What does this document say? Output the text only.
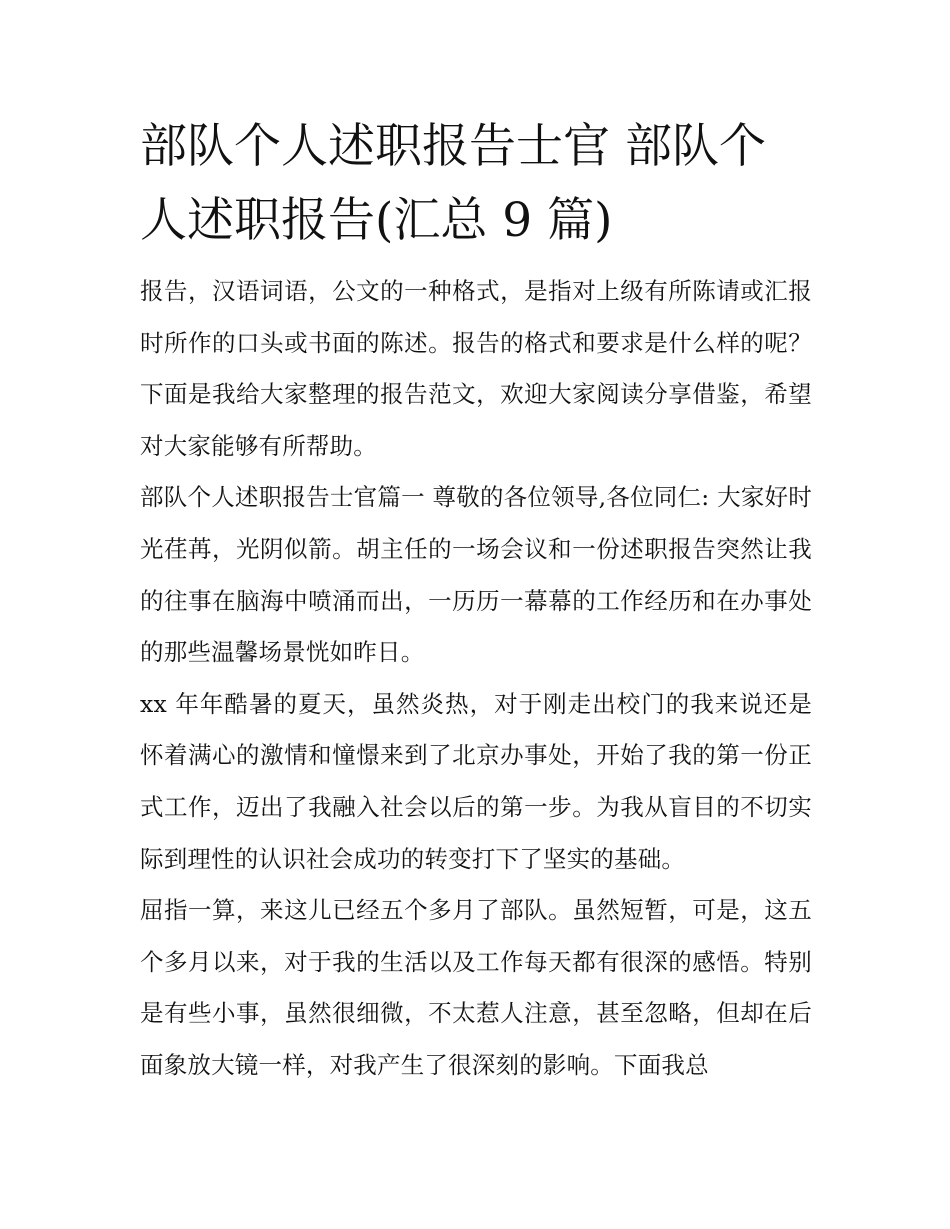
部队个人述职报告士官 部队个人述职报告(汇总 9 篇)

报告，汉语词语，公文的一种格式，是指对上级有所陈请或汇报时所作的口头或书面的陈述。报告的格式和要求是什么样的呢？下面是我给大家整理的报告范文，欢迎大家阅读分享借鉴，希望对大家能够有所帮助。

部队个人述职报告士官篇一 尊敬的各位领导,各位同仁: 大家好时光荏苒，光阴似箭。胡主任的一场会议和一份述职报告突然让我的往事在脑海中喷涌而出，一历历一幕幕的工作经历和在办事处的那些温馨场景恍如昨日。

xx 年年酷暑的夏天，虽然炎热，对于刚走出校门的我来说还是怀着满心的激情和憧憬来到了北京办事处，开始了我的第一份正式工作，迈出了我融入社会以后的第一步。为我从盲目的不切实际到理性的认识社会成功的转变打下了坚实的基础。

屈指一算，来这儿已经五个多月了部队。虽然短暂，可是，这五个多月以来，对于我的生活以及工作每天都有很深的感悟。特别是有些小事，虽然很细微，不太惹人注意，甚至忽略，但却在后面象放大镜一样，对我产生了很深刻的影响。下面我总
